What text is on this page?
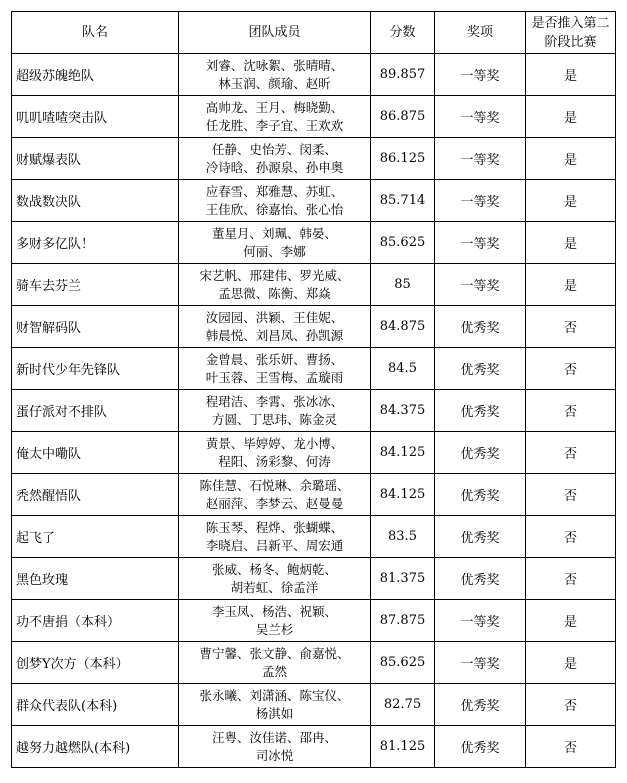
队名	团队成员	分数	奖项	是否推入第二阶段比赛
超级苏魄绝队	刘睿、沈咏絮、张晴晴、
林玉润、颜瑜、赵昕	89.857	一等奖	是
叽叽喳喳突击队	高帅龙、王月、梅晓勤、
任龙胜、李子宜、王欢欢	86.875	一等奖	是
财赋爆表队	任静、史怡芳、闵柔、
冷诗晗、孙源泉、孙申奥	86.125	一等奖	是
数战数决队	应春雪、郑雅慧、苏虹、
王佳欣、徐嘉怡、张心怡	85.714	一等奖	是
多财多亿队！	董星月、刘珮、韩晏、
何丽、李娜	85.625	一等奖	是
骑车去芬兰	宋艺帆、邢建伟、罗光威、
孟思微、陈衡、郑焱	85	一等奖	是
财智解码队	汝园园、洪颖、王佳妮、
韩晨悦、刘昌凤、孙凯源	84.875	优秀奖	否
新时代少年先锋队	金曾晨、张乐妍、曹扬、
叶玉蓉、王雪梅、孟璇雨	84.5	优秀奖	否
蛋仔派对不排队	程珺洁、李霄、张冰冰、
方圆、丁思玮、陈金灵	84.375	优秀奖	否
俺太中嘞队	黄景、毕婷婷、龙小博、
程阳、汤彩黎、何涛	84.125	优秀奖	否
秃然醒悟队	陈佳慧、石悦琳、余璐瑶、
赵丽萍、李梦云、赵曼曼	84.125	优秀奖	否
起飞了	陈玉琴、程烨、张蝴蝶、
李晓启、吕新平、周宏通	83.5	优秀奖	否
黑色玫瑰	张威、杨冬、鲍炳乾、
胡若虹、徐孟洋	81.375	优秀奖	否
功不唐捐（本科）	李玉凤、杨浩、祝颖、
吴兰杉	87.875	一等奖	是
创梦Y次方（本科）	曹宁馨、张文静、俞嘉悦、
孟然	85.625	一等奖	是
群众代表队(本科)	张永曦、刘潇涵、陈宝仪、
杨淇如	82.75	优秀奖	否
越努力越燃队(本科)	汪粤、汝佳诺、邵冉、
司冰悦	81.125	优秀奖	否
